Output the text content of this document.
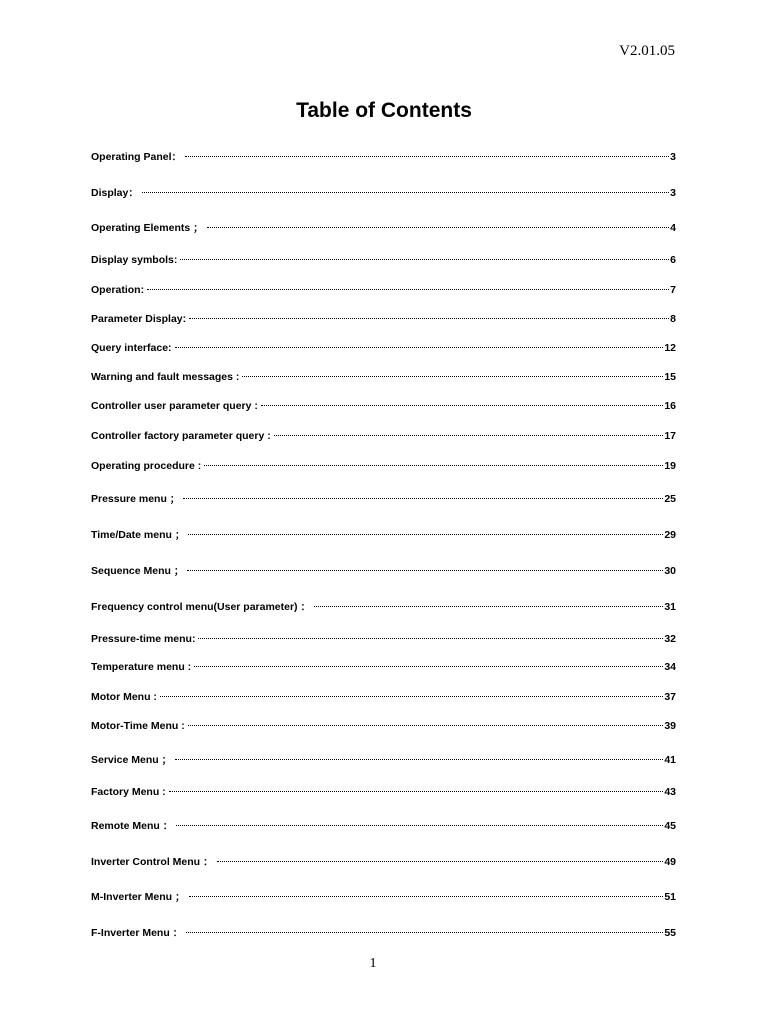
V2.01.05
Table of Contents
Operating Panel：	3
Display：	3
Operating Elements ；	4
Display symbols:	6
Operation:	7
Parameter Display:	8
Query interface:	12
Warning and fault messages :	15
Controller user parameter query :	16
Controller factory parameter query :	17
Operating procedure :	19
Pressure menu ；	25
Time/Date menu ；	29
Sequence Menu ；	30
Frequency control menu(User parameter) ：	31
Pressure-time menu:	32
Temperature menu :	34
Motor Menu :	37
Motor-Time Menu :	39
Service Menu ；	41
Factory Menu :	43
Remote Menu ：	45
Inverter Control Menu ：	49
M-Inverter Menu ；	51
F-Inverter Menu ：	55
1
